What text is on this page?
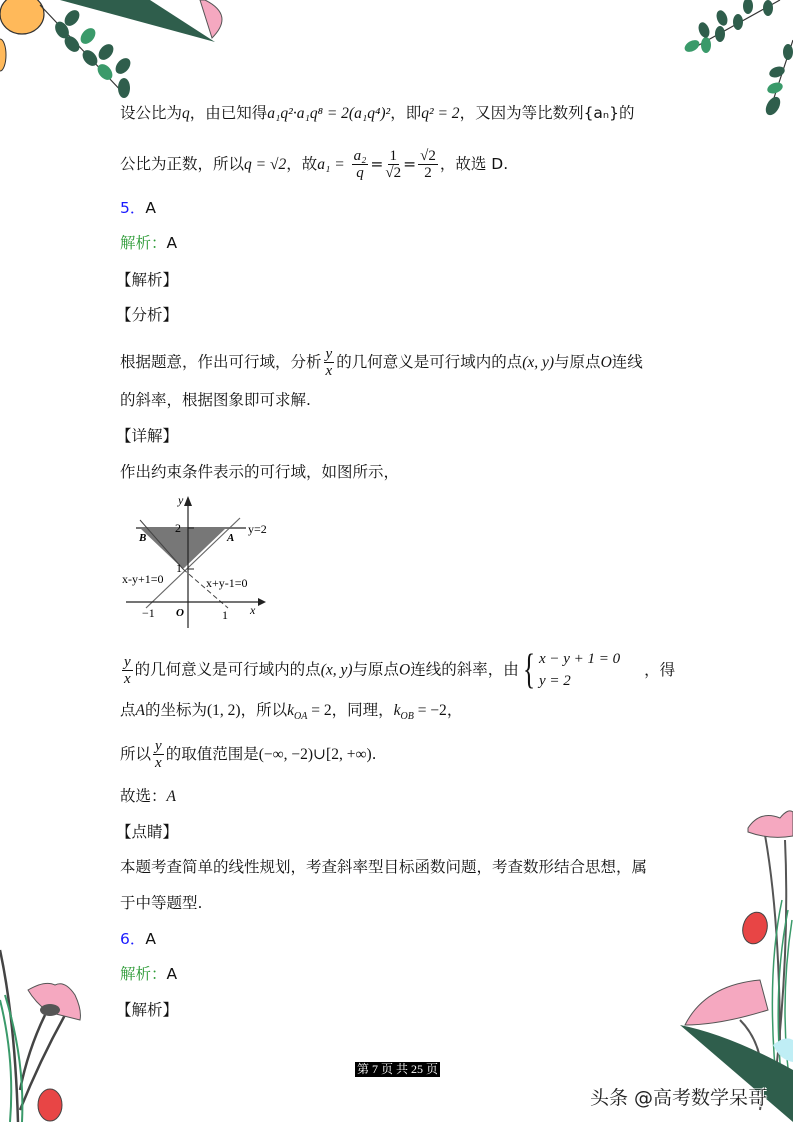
设公比为q，由已知得a₁q²·a₁q⁸ = 2(a₁q⁴)²，即q² = 2，又因为等比数列{aₙ}的
公比为正数，所以q = √2，故$a_1 = \frac{\text{a₂}}{q} = \frac{1}{√2} = \frac{√2}{2}$ ，故选 D.
5．A
解析：A
【解析】
【分析】
根据题意，作出可行域，分析 $\frac{y}{x}$ 的几何意义是可行域内的点(x, y)与原点O连线
的斜率，根据图象即可求解.
【详解】
作出约束条件表示的可行域，如图所示，
y
x
O
2
1
−1	1
B	A
y=2
x-y+1=0	x+y-1=0
$\frac{y}{x}$ 的几何意义是可行域内的点(x, y)与原点O连线的斜率，由 { x − y + 1 = 0
y = 2
，得
点A的坐标为(1, 2)，所以$k_{OA} = 2$，同理，$k_{OB} = -2$，
所以 $\frac{y}{x}$ 的取值范围是(−∞, −2)∪[2, +∞).
故选：A
【点睛】
本题考查简单的线性规划，考查斜率型目标函数问题，考查数形结合思想，属
于中等题型.
6．A
解析：A
【解析】
第 7 页 共 25 页
头条 @高考数学呆哥
